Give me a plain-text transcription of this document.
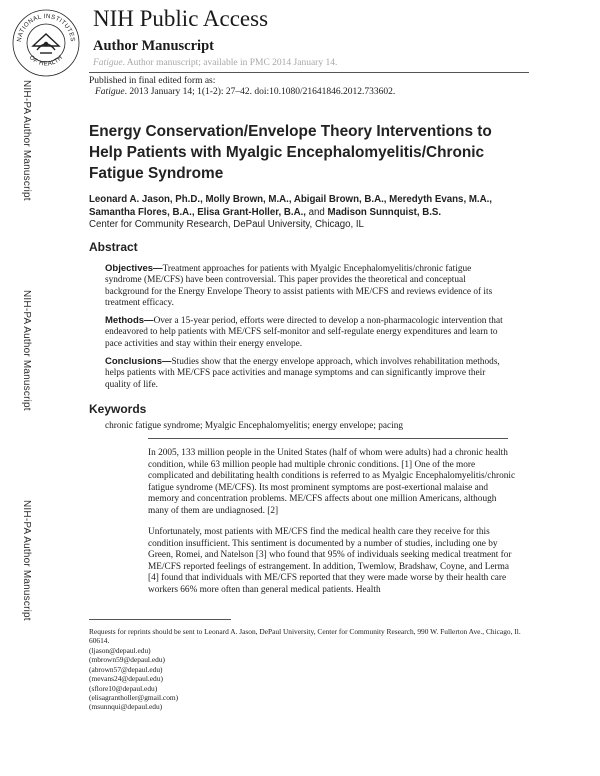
NATIONAL INSTITUTES
OF HEALTH
NIH Public Access
Author Manuscript
Fatigue. Author manuscript; available in PMC 2014 January 14.
Published in final edited form as:
Fatigue. 2013 January 14; 1(1-2): 27–42. doi:10.1080/21641846.2012.733602.
NIH-PA Author Manuscript
NIH-PA Author Manuscript
NIH-PA Author Manuscript
Energy Conservation/Envelope Theory Interventions to Help Patients with Myalgic Encephalomyelitis/Chronic Fatigue Syndrome
Leonard A. Jason, Ph.D., Molly Brown, M.A., Abigail Brown, B.A., Meredyth Evans, M.A.,
Samantha Flores, B.A., Elisa Grant-Holler, B.A., and Madison Sunnquist, B.S.
Center for Community Research, DePaul University, Chicago, IL
Abstract
Objectives—Treatment approaches for patients with Myalgic Encephalomyelitis/chronic fatigue syndrome (ME/CFS) have been controversial. This paper provides the theoretical and conceptual background for the Energy Envelope Theory to assist patients with ME/CFS and reviews evidence of its treatment efficacy.
Methods—Over a 15-year period, efforts were directed to develop a non-pharmacologic intervention that endeavored to help patients with ME/CFS self-monitor and self-regulate energy expenditures and learn to pace activities and stay within their energy envelope.
Conclusions—Studies show that the energy envelope approach, which involves rehabilitation methods, helps patients with ME/CFS pace activities and manage symptoms and can significantly improve their quality of life.
Keywords
chronic fatigue syndrome; Myalgic Encephalomyelitis; energy envelope; pacing
In 2005, 133 million people in the United States (half of whom were adults) had a chronic health condition, while 63 million people had multiple chronic conditions. [1] One of the more complicated and debilitating health conditions is referred to as Myalgic Encephalomyelitis/chronic fatigue syndrome (ME/CFS). Its most prominent symptoms are post-exertional malaise and memory and concentration problems. ME/CFS affects about one million Americans, although many of them are undiagnosed. [2]
Unfortunately, most patients with ME/CFS find the medical health care they receive for this condition insufficient. This sentiment is documented by a number of studies, including one by Green, Romei, and Natelson [3] who found that 95% of individuals seeking medical treatment for ME/CFS reported feelings of estrangement. In addition, Twemlow, Bradshaw, Coyne, and Lerma [4] found that individuals with ME/CFS reported that they were made worse by their health care workers 66% more often than general medical patients. Health
Requests for reprints should be sent to Leonard A. Jason, DePaul University, Center for Community Research, 990 W. Fullerton Ave., Chicago, Il. 60614.
(ljason@depaul.edu)
(mbrown59@depaul.edu)
(abrown57@depaul.edu)
(mevans24@depaul.edu)
(sflore10@depaul.edu)
(elisagrantholler@gmail.com)
(msunnqui@depaul.edu)
